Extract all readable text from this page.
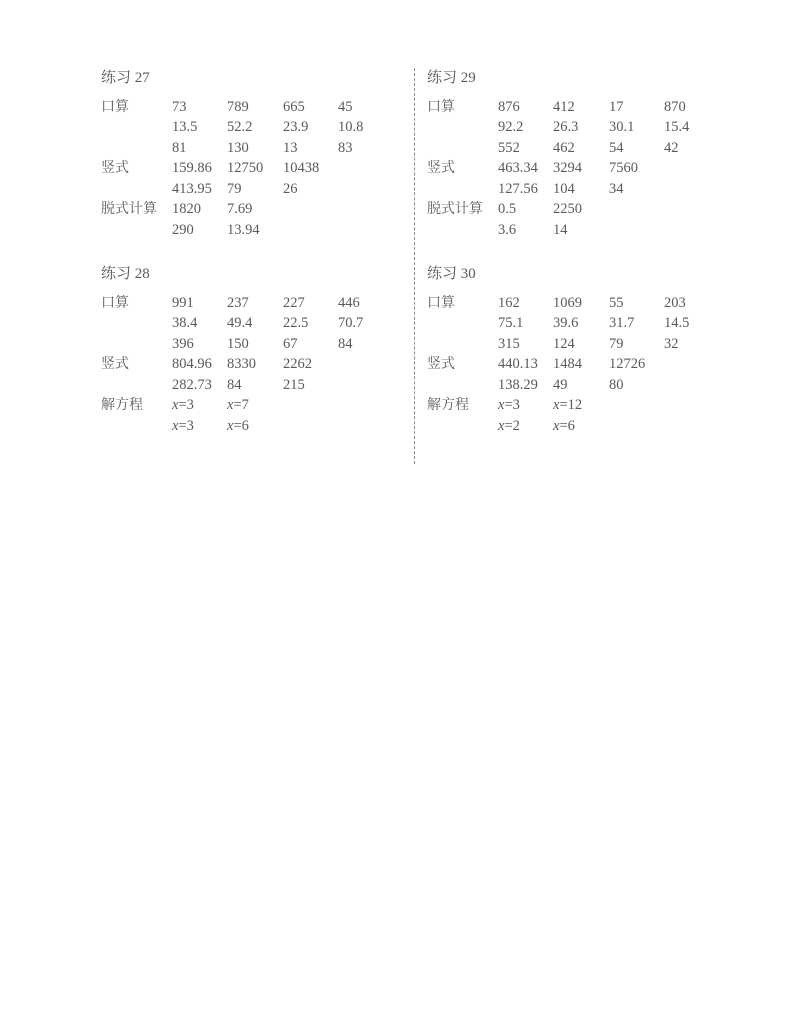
练习 27
口算	73	789 665 45
13.5 52.2 23.9 10.8
81	130 13	83
竖式	159.86 12750 10438
413.95 79	26
脱式计算 1820 7.69
290 13.94
练习 29
口算	876 412 17	870
92.2 26.3 30.1 15.4
552 462 54	42
竖式	463.34 3294 7560
127.56 104 34
脱式计算 0.5	2250
3.6	14
练习 28
口算	991 237 227 446
38.4 49.4 22.5 70.7
396 150 67	84
竖式	804.96 8330 2262
282.73 84	215
解方程 x=3 x=7
x=3 x=6
练习 30
口算	162 1069 55	203
75.1 39.6 31.7 14.5
315 124 79	32
竖式	440.13 1484 12726
138.29 49	80
解方程 x=3 x=12
x=2 x=6
